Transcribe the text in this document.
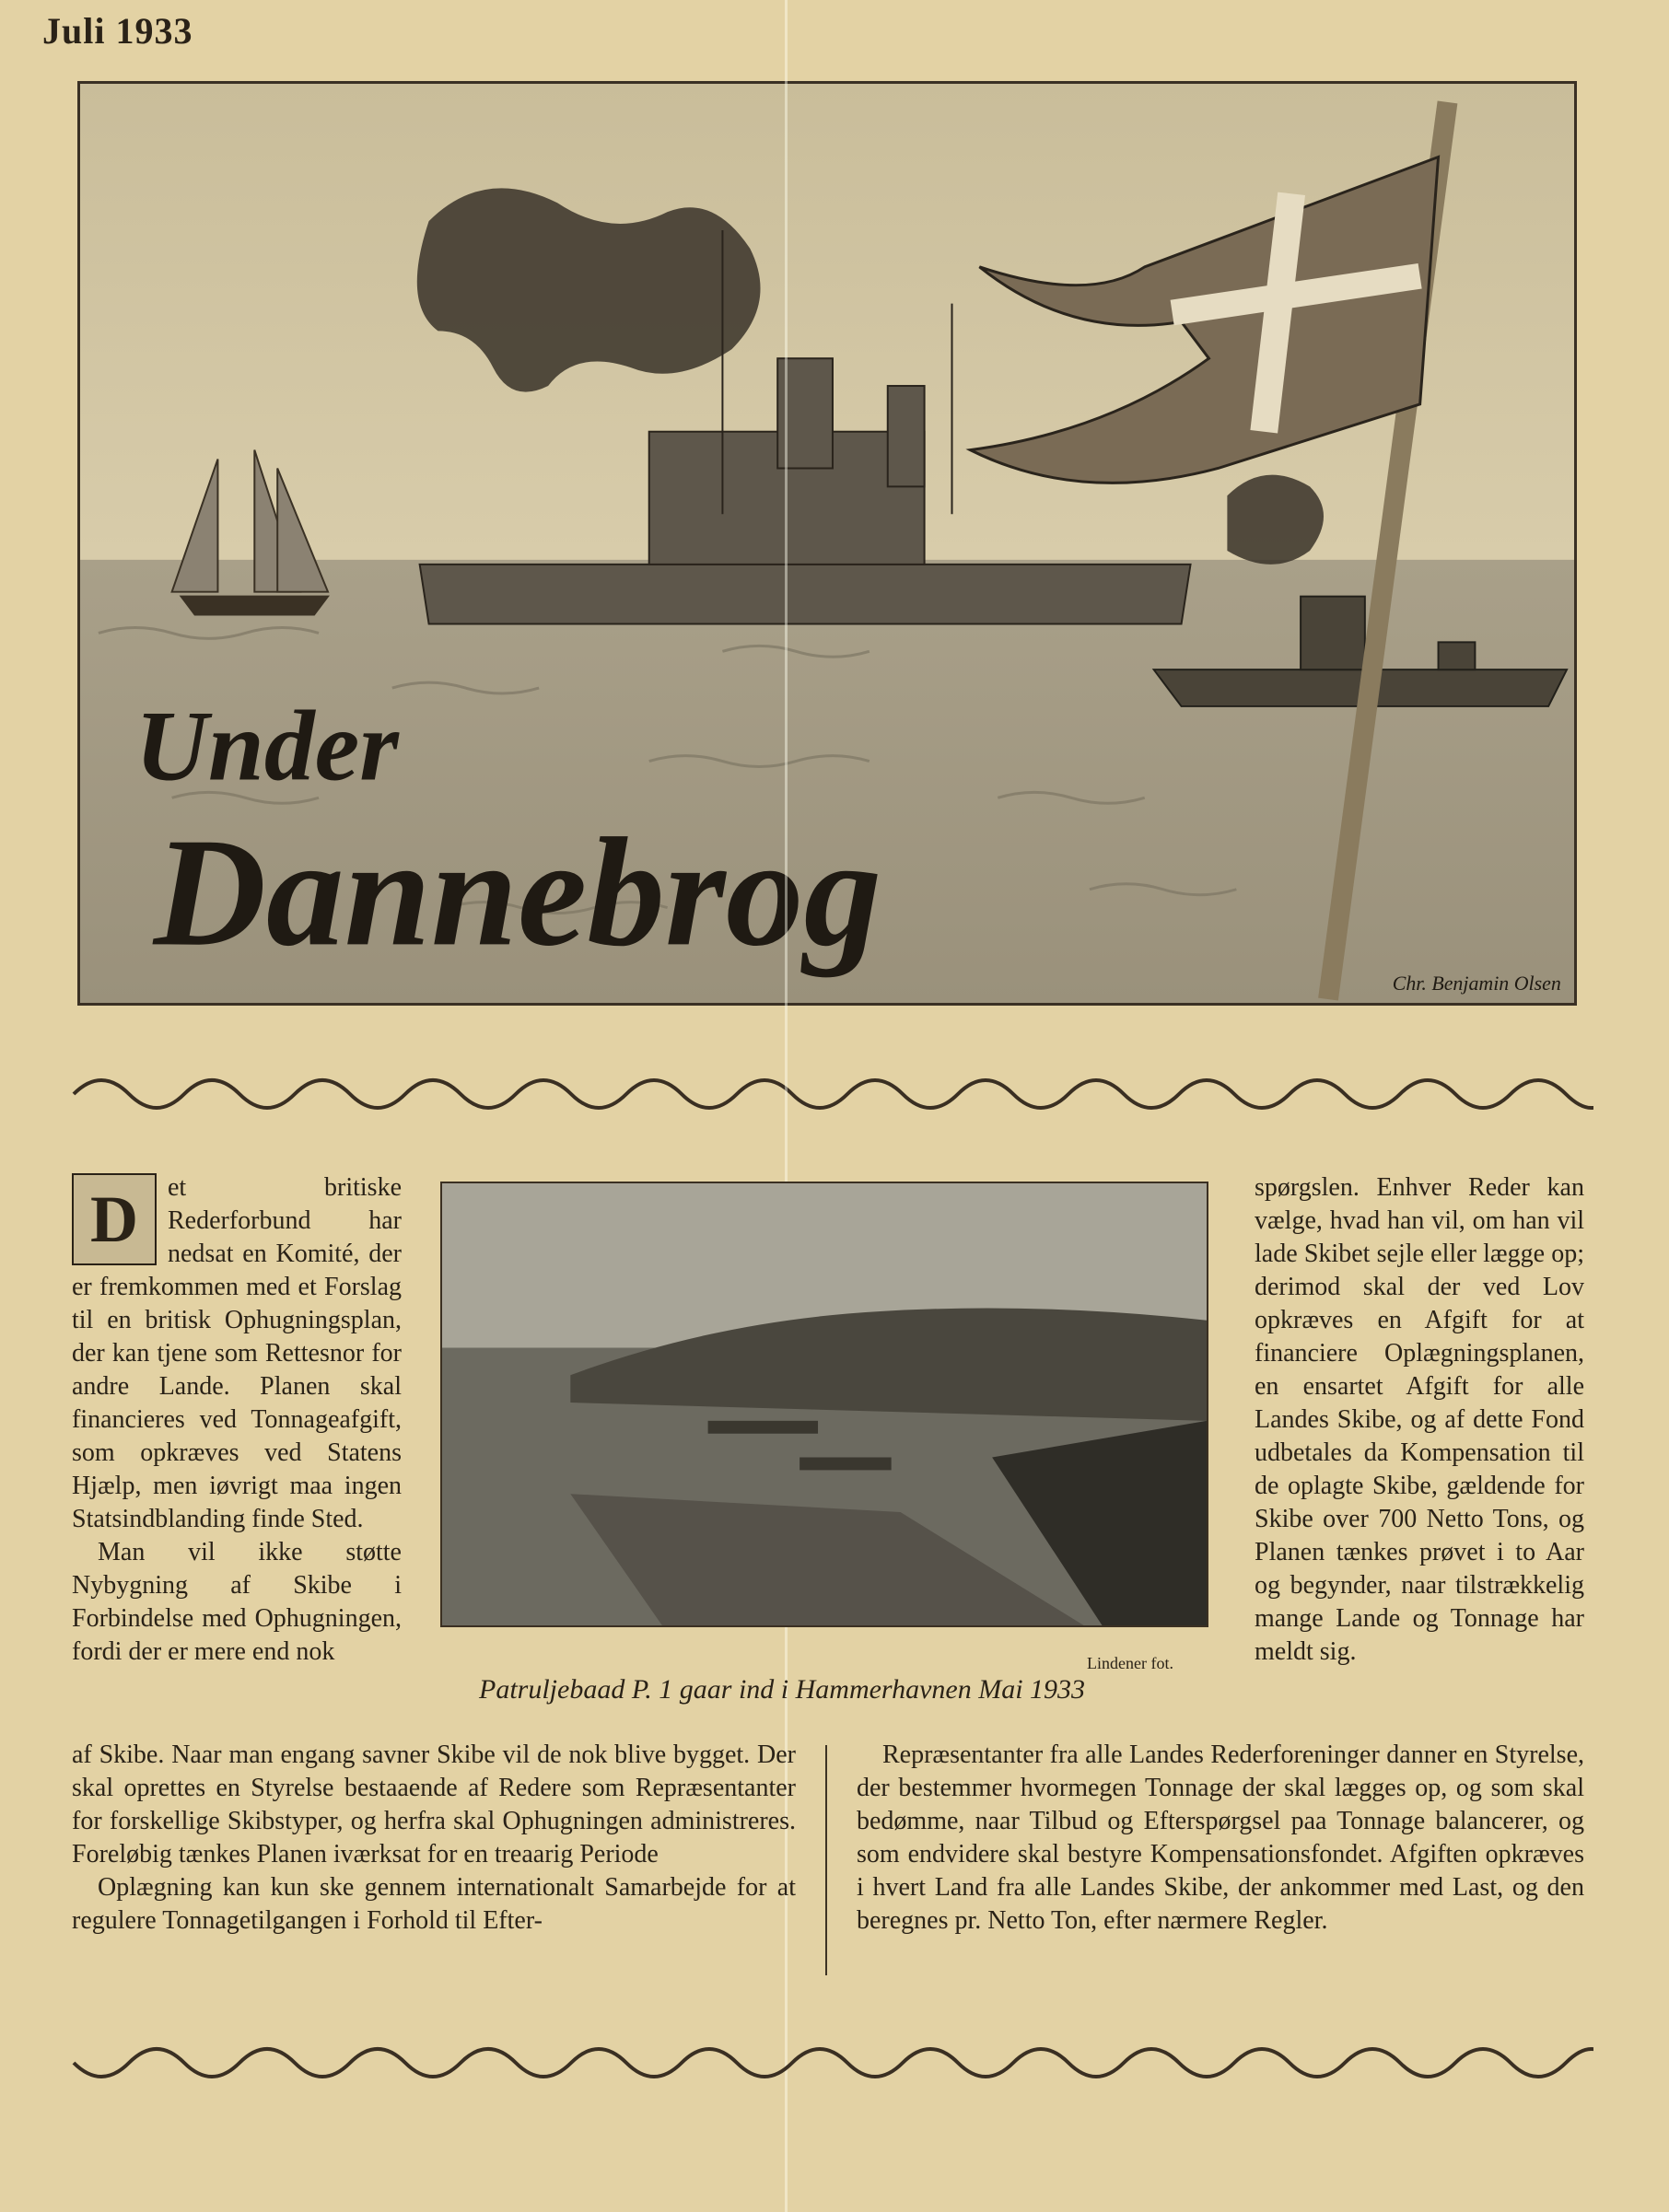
Juli 1933
Under
Dannebrog
Chr. Benjamin Olsen
D	et britiske Rederforbund har nedsat en Komité, der er fremkommen med et Forslag til en britisk Ophugningsplan, der kan tjene som Rettesnor for andre Lande. Planen skal financieres ved Tonnageafgift, som opkræves ved Statens Hjælp, men iøvrigt maa ingen Statsindblanding finde Sted.

Man vil ikke støtte Nybygning af Skibe i Forbindelse med Ophugningen, fordi der er mere end nok	Lindener fot.
Patruljebaad P. 1 gaar ind i Hammerhavnen Mai 1933

spørgslen. Enhver Reder kan vælge, hvad han vil, om han vil lade Skibet sejle eller lægge op; derimod skal der ved Lov opkræves en Afgift for at financiere Oplægningsplanen, en ensartet Afgift for alle Landes Skibe, og af dette Fond udbetales da Kompensation til de oplagte Skibe, gældende for Skibe over 700 Netto Tons, og Planen tænkes prøvet i to Aar og begynder, naar tilstrækkelig mange Lande og Tonnage har meldt sig.

af Skibe. Naar man engang savner Skibe vil de nok blive bygget. Der skal oprettes en Styrelse bestaaende af Redere som Repræsentanter for forskellige Skibstyper, og herfra skal Ophugningen administreres. Foreløbig tænkes Planen iværksat for en treaarig Periode

Oplægning kan kun ske gennem internationalt Samarbejde for at regulere Tonnagetilgangen i Forhold til Efter-

Repræsentanter fra alle Landes Rederforeninger danner en Styrelse, der bestemmer hvormegen Tonnage der skal lægges op, og som skal bedømme, naar Tilbud og Efterspørgsel paa Tonnage balancerer, og som endvidere skal bestyre Kompensationsfondet. Afgiften opkræves i hvert Land fra alle Landes Skibe, der ankommer med Last, og den beregnes pr. Netto Ton, efter nærmere Regler.
